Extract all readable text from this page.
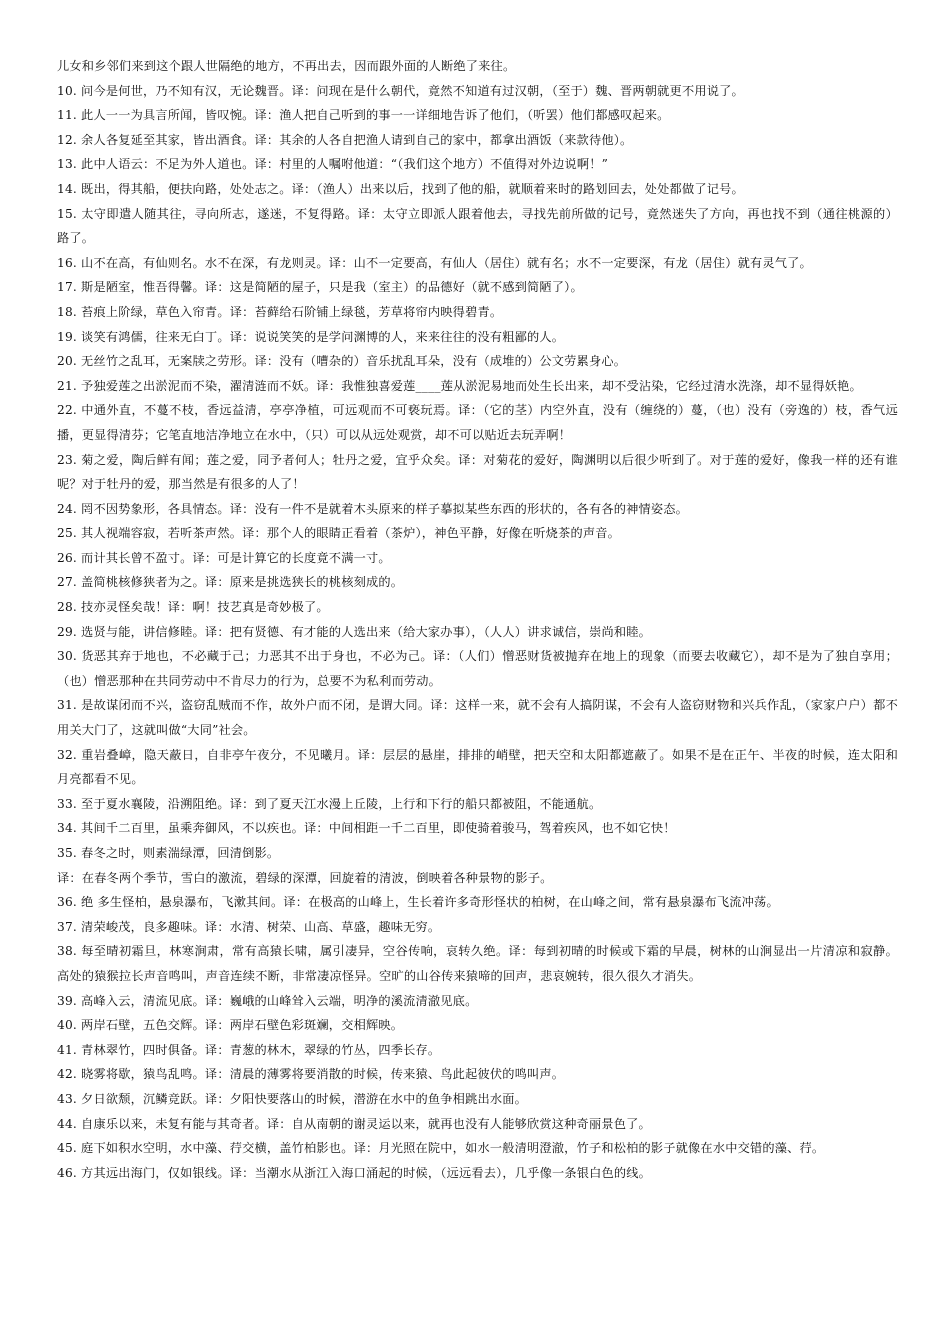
儿女和乡邻们来到这个跟人世隔绝的地方，不再出去，因而跟外面的人断绝了来往。
10. 问今是何世，乃不知有汉，无论魏晋。译：问现在是什么朝代，竟然不知道有过汉朝，（至于）魏、晋两朝就更不用说了。
11. 此人一一为具言所闻，皆叹惋。译：渔人把自己听到的事一一详细地告诉了他们，（听罢）他们都感叹起来。
12. 余人各复延至其家，皆出酒食。译：其余的人各自把渔人请到自己的家中，都拿出酒饭（来款待他）。
13. 此中人语云：不足为外人道也。译：村里的人嘱咐他道：“（我们这个地方）不值得对外边说啊！”
14. 既出，得其船，便扶向路，处处志之。译：（渔人）出来以后，找到了他的船，就顺着来时的路划回去，处处都做了记号。
15. 太守即遣人随其往，寻向所志，遂迷，不复得路。译：太守立即派人跟着他去，寻找先前所做的记号，竟然迷失了方向，再也找不到（通往桃源的）路了。
16. 山不在高，有仙则名。水不在深，有龙则灵。译：山不一定要高，有仙人（居住）就有名；水不一定要深，有龙（居住）就有灵气了。
17. 斯是陋室，惟吾得馨。译：这是简陋的屋子，只是我（室主）的品德好（就不感到简陋了）。
18. 苔痕上阶绿，草色入帘青。译：苔藓给石阶铺上绿毯，芳草将帘内映得碧青。
19. 谈笑有鸿儒，往来无白丁。译：说说笑笑的是学问渊博的人，来来往往的没有粗鄙的人。
20. 无丝竹之乱耳，无案牍之劳形。译：没有（嘈杂的）音乐扰乱耳朵，没有（成堆的）公文劳累身心。
21. 予独爱莲之出淤泥而不染，濯清涟而不妖。译：我惟独喜爱莲____莲从淤泥易地而处生长出来，却不受沾染，它经过清水洗涤，却不显得妖艳。
22. 中通外直，不蔓不枝，香远益清，亭亭净植，可远观而不可亵玩焉。译：（它的茎）内空外直，没有（缠绕的）蔓，（也）没有（旁逸的）枝，香气远播，更显得清芬；它笔直地洁净地立在水中，（只）可以从远处观赏，却不可以贴近去玩弄啊！
23. 菊之爱，陶后鲜有闻；莲之爱，同予者何人；牡丹之爱，宜乎众矣。译：对菊花的爱好，陶渊明以后很少听到了。对于莲的爱好，像我一样的还有谁呢？对于牡丹的爱，那当然是有很多的人了！
24. 罔不因势象形，各具情态。译：没有一件不是就着木头原来的样子摹拟某些东西的形状的，各有各的神情姿态。
25. 其人视端容寂，若听茶声然。译：那个人的眼睛正看着（茶炉），神色平静，好像在听烧茶的声音。
26. 而计其长曾不盈寸。译：可是计算它的长度竟不满一寸。
27. 盖简桃核修狭者为之。译：原来是挑选狭长的桃核刻成的。
28. 技亦灵怪矣哉！译：啊！技艺真是奇妙极了。
29. 选贤与能，讲信修睦。译：把有贤德、有才能的人选出来（给大家办事），（人人）讲求诚信，崇尚和睦。
30. 货恶其弃于地也，不必藏于己；力恶其不出于身也，不必为己。译：（人们）憎恶财货被抛弃在地上的现象（而要去收藏它），却不是为了独自享用；（也）憎恶那种在共同劳动中不肯尽力的行为，总要不为私利而劳动。
31. 是故谋闭而不兴，盗窃乱贼而不作，故外户而不闭，是谓大同。译：这样一来，就不会有人搞阴谋，不会有人盗窃财物和兴兵作乱，（家家户户）都不用关大门了，这就叫做“大同”社会。
32. 重岩叠嶂，隐天蔽日，自非亭午夜分，不见曦月。译：层层的悬崖，排排的峭壁，把天空和太阳都遮蔽了。如果不是在正午、半夜的时候，连太阳和月亮都看不见。
33. 至于夏水襄陵，沿溯阻绝。译：到了夏天江水漫上丘陵，上行和下行的船只都被阻，不能通航。
34. 其间千二百里，虽乘奔御风，不以疾也。译：中间相距一千二百里，即使骑着骏马，驾着疾风，也不如它快！
35. 春冬之时，则素湍绿潭，回清倒影。
译：在春冬两个季节，雪白的激流，碧绿的深潭，回旋着的清波，倒映着各种景物的影子。
36. 绝 多生怪柏，悬泉瀑布，飞漱其间。译：在极高的山峰上，生长着许多奇形怪状的柏树，在山峰之间，常有悬泉瀑布飞流冲荡。
37. 清荣峻茂，良多趣味。译：水清、树荣、山高、草盛，趣味无穷。
38. 每至晴初霜旦，林寒涧肃，常有高猿长啸，属引凄异，空谷传响，哀转久绝。译：每到初晴的时候或下霜的早晨，树林的山涧显出一片清凉和寂静。高处的猿猴拉长声音鸣叫，声音连续不断，非常凄凉怪异。空旷的山谷传来猿啼的回声，悲哀婉转，很久很久才消失。
39. 高峰入云，清流见底。译：巍峨的山峰耸入云端，明净的溪流清澈见底。
40. 两岸石壁，五色交辉。译：两岸石壁色彩斑斓，交相辉映。
41. 青林翠竹，四时俱备。译：青葱的林木，翠绿的竹丛，四季长存。
42. 晓雾将歇，猿鸟乱鸣。译：清晨的薄雾将要消散的时候，传来猿、鸟此起彼伏的鸣叫声。
43. 夕日欲颓，沉鳞竞跃。译：夕阳快要落山的时候，潜游在水中的鱼争相跳出水面。
44. 自康乐以来，未复有能与其奇者。译：自从南朝的谢灵运以来，就再也没有人能够欣赏这种奇丽景色了。
45. 庭下如积水空明，水中藻、荇交横，盖竹柏影也。译：月光照在院中，如水一般清明澄澈，竹子和松柏的影子就像在水中交错的藻、荇。
46. 方其远出海门，仅如银线。译：当潮水从浙江入海口涌起的时候，（远远看去），几乎像一条银白色的线。
